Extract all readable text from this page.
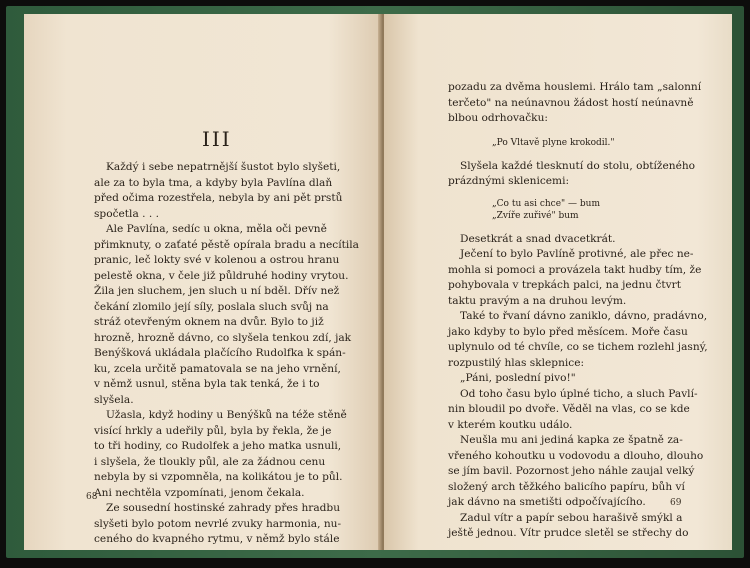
III
Každý i sebe nepatrnější šustot bylo slyšeti,
ale za to byla tma, a kdyby byla Pavlína dlaň
před očima rozestřela, nebyla by ani pět prstů
spočetla . . .
Ale Pavlína, sedíc u okna, měla oči pevně
přimknuty, o zaťaté pěstě opírala bradu a necítila
pranic, leč lokty své v kolenou a ostrou hranu
pelestě okna, v čele již půldruhé hodiny vrytou.
Žila jen sluchem, jen sluch u ní bděl. Dřív než
čekání zlomilo její síly, poslala sluch svůj na
stráž otevřeným oknem na dvůr. Bylo to již
hrozně, hrozně dávno, co slyšela tenkou zdí, jak
Benýšková ukládala plačícího Rudolfka k spán-
ku, zcela určitě pamatovala se na jeho vrnění,
v němž usnul, stěna byla tak tenká, že i to
slyšela.
Užasla, když hodiny u Benýšků na téže stěně
visící hrkly a udeřily půl, byla by řekla, že je
to tři hodiny, co Rudolfek a jeho matka usnuli,
i slyšela, že tloukly půl, ale za žádnou cenu
nebyla by si vzpomněla, na kolikátou je to půl.
Ani nechtěla vzpomínati, jenom čekala.
Ze sousední hostinské zahrady přes hradbu
slyšeti bylo potom nevrlé zvuky harmonia, nu-
ceného do kvapného rytmu, v němž bylo stále
68
pozadu za dvěma houslemi. Hrálo tam „salonní
terčeto" na neúnavnou žádost hostí neúnavně
blbou odrhovačku:
„Po Vltavě plyne krokodil."
Slyšela každé tlesknutí do stolu, obtíženého
prázdnými sklenicemi:
„Co tu asi chce" — bum
„Zvíře zuřivé" bum
Desetkrát a snad dvacetkrát.
Ječení to bylo Pavlíně protivné, ale přec ne-
mohla si pomoci a provázela takt hudby tím, že
pohybovala v trepkách palci, na jednu čtvrt
taktu pravým a na druhou levým.
Také to řvaní dávno zaniklo, dávno, pradávno,
jako kdyby to bylo před měsícem. Moře času
uplynulo od té chvíle, co se tichem rozlehl jasný,
rozpustilý hlas sklepnice:
„Páni, poslední pivo!"
Od toho času bylo úplné ticho, a sluch Pavlí-
nin bloudil po dvoře. Věděl na vlas, co se kde
v kterém koutku událo.
Neušla mu ani jediná kapka ze špatně za-
vřeného kohoutku u vodovodu a dlouho, dlouho
se jím bavil. Pozornost jeho náhle zaujal velký
složený arch těžkého balicího papíru, bůh ví
jak dávno na smetišti odpočívajícího.
Zadul vítr a papír sebou harašivě smýkl a
ještě jednou. Vítr prudce sletěl se střechy do
69
